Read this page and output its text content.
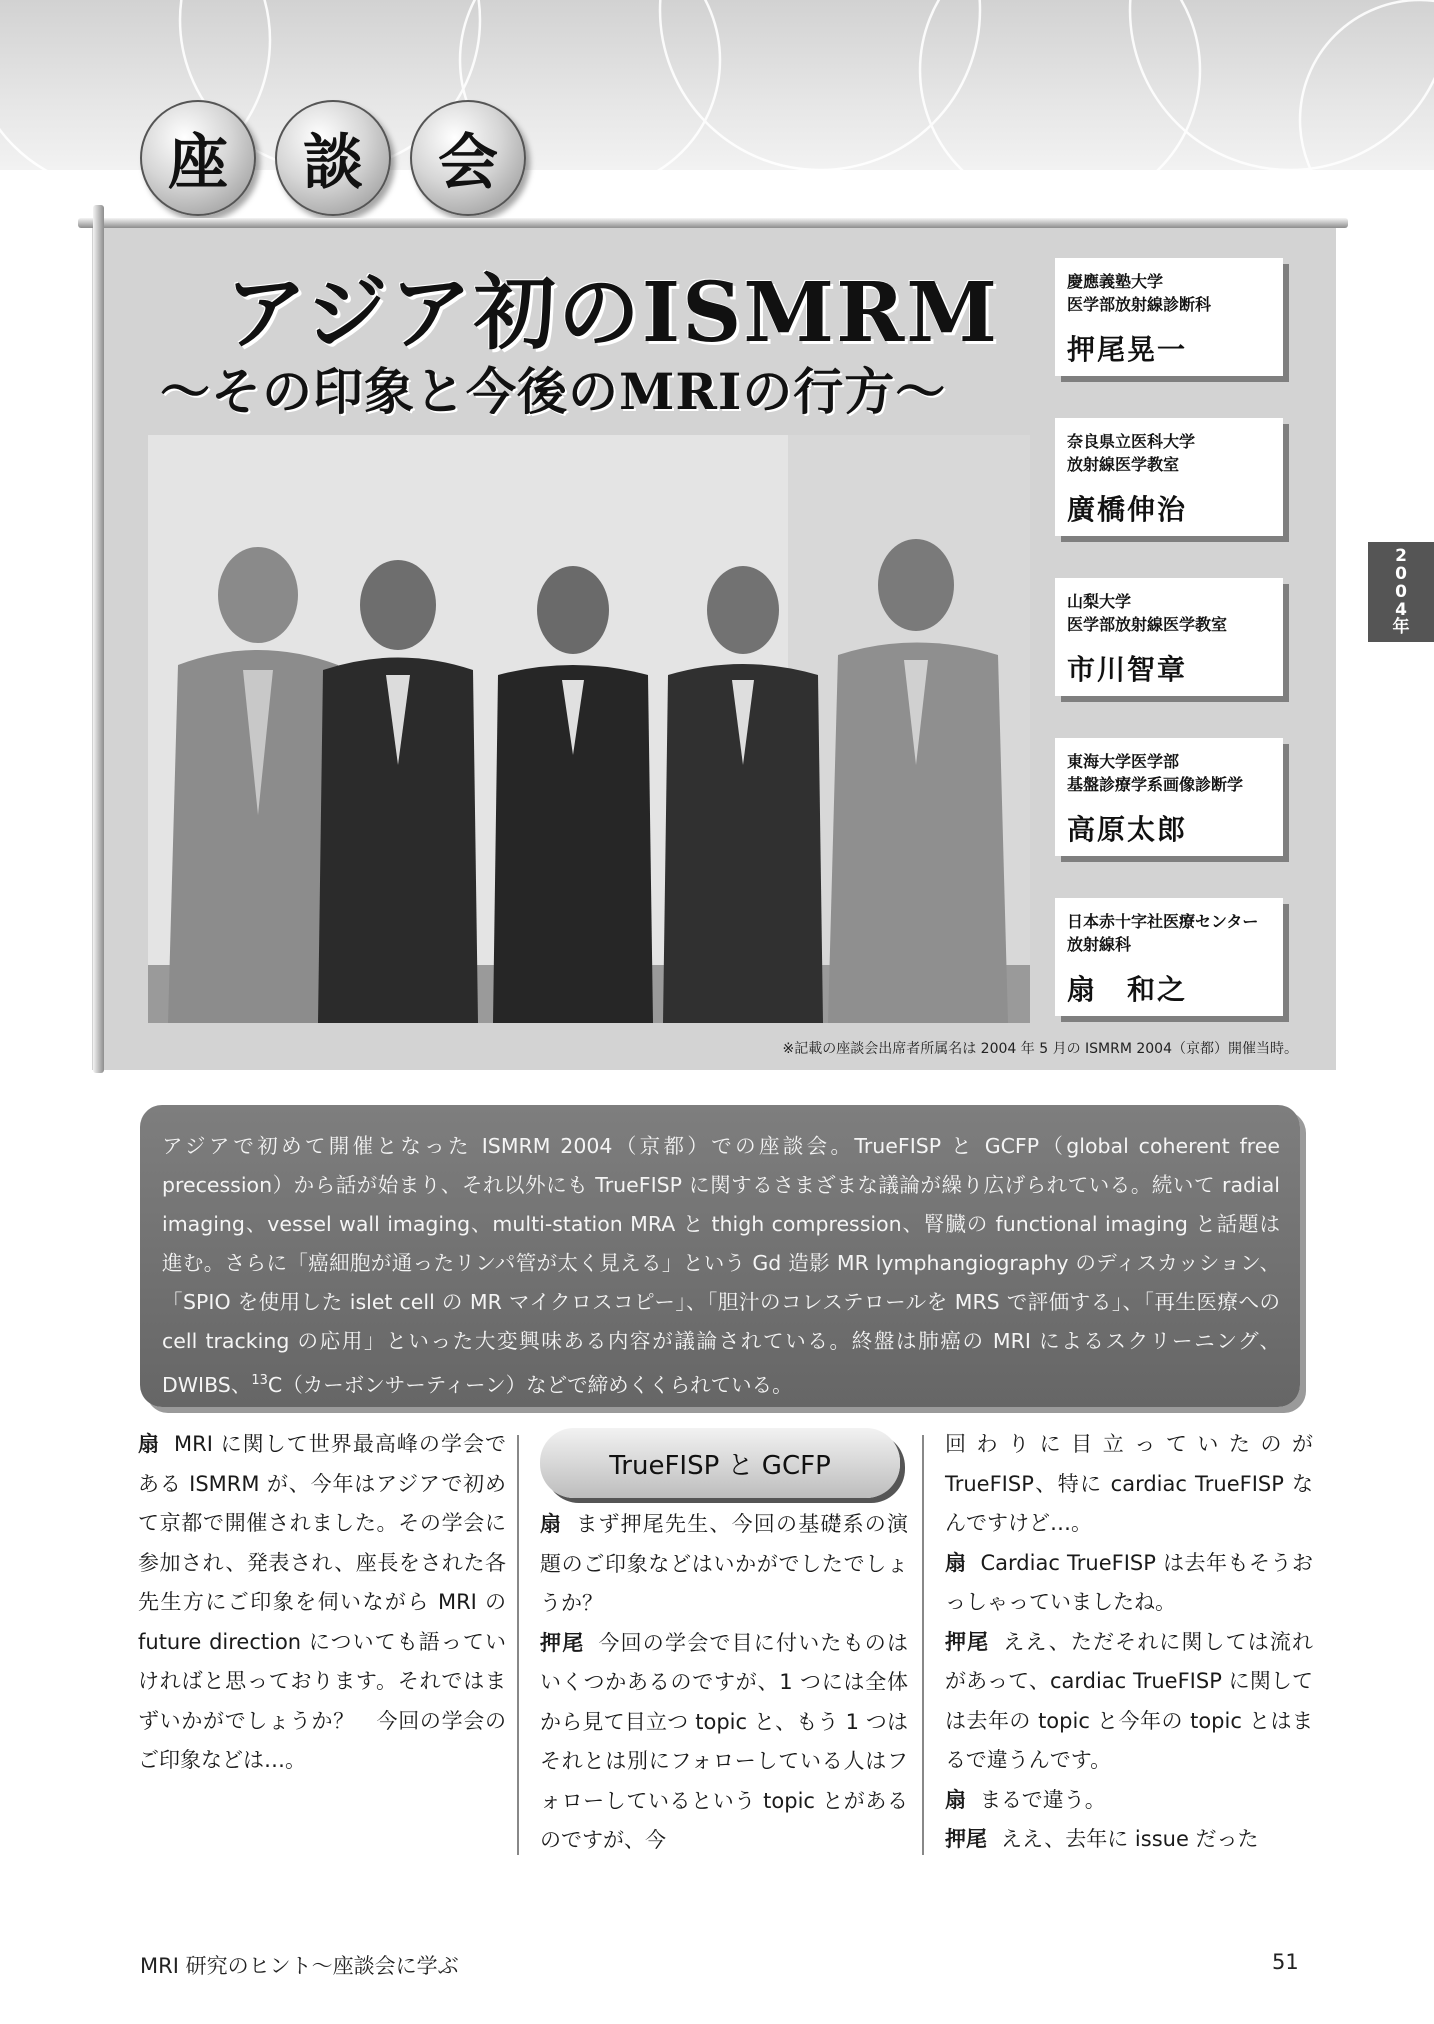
座	談	会
アジア初のISMRM
〜その印象と今後のMRIの行方〜
※記載の座談会出席者所属名は 2004 年 5 月の ISMRM 2004（京都）開催当時。
慶應義塾大学
医学部放射線診断科
押尾晃一
奈良県立医科大学
放射線医学教室
廣橋伸治
山梨大学
医学部放射線医学教室
市川智章
東海大学医学部
基盤診療学系画像診断学
高原太郎
日本赤十字社医療センター
放射線科
扇　和之
2
0
0
4
年

アジアで初めて開催となった ISMRM 2004（京都）での座談会。TrueFISP と GCFP（global coherent free precession）から話が始まり、それ以外にも TrueFISP に関するさまざまな議論が繰り広げられている。続いて radial imaging、vessel wall imaging、multi-station MRA と thigh compression、腎臓の functional imaging と話題は進む。さらに「癌細胞が通ったリンパ管が太く見える」という Gd 造影 MR lymphangiography のディスカッション、「SPIO を使用した islet cell の MR マイクロスコピー」、「胆汁のコレステロールを MRS で評価する」、「再生医療への cell tracking の応用」といった大変興味ある内容が議論されている。終盤は肺癌の MRI によるスクリーニング、DWIBS、$^{13}$C（カーボンサーティーン）などで締めくくられている。

扇 MRI に関して世界最高峰の学会である ISMRM が、今年はアジアで初めて京都で開催されました。その学会に参加され、発表され、座長をされた各先生方にご印象を伺いながら MRI の future direction についても語っていければと思っております。それではまずいかがでしょうか？　今回の学会のご印象などは…。

TrueFISP と GCFP

扇 まず押尾先生、今回の基礎系の演題のご印象などはいかがでしたでしょうか？

押尾 今回の学会で目に付いたものはいくつかあるのですが、1 つには全体から見て目立つ topic と、もう 1 つはそれとは別にフォローしている人はフォローしているという topic とがあるのですが、今

回わりに目立っていたのが TrueFISP、特に cardiac TrueFISP なんですけど…。

扇 Cardiac TrueFISP は去年もそうおっしゃっていましたね。

押尾 ええ、ただそれに関しては流れがあって、cardiac TrueFISP に関しては去年の topic と今年の topic とはまるで違うんです。

扇 まるで違う。

押尾 ええ、去年に issue だった

MRI 研究のヒント〜座談会に学ぶ	51
